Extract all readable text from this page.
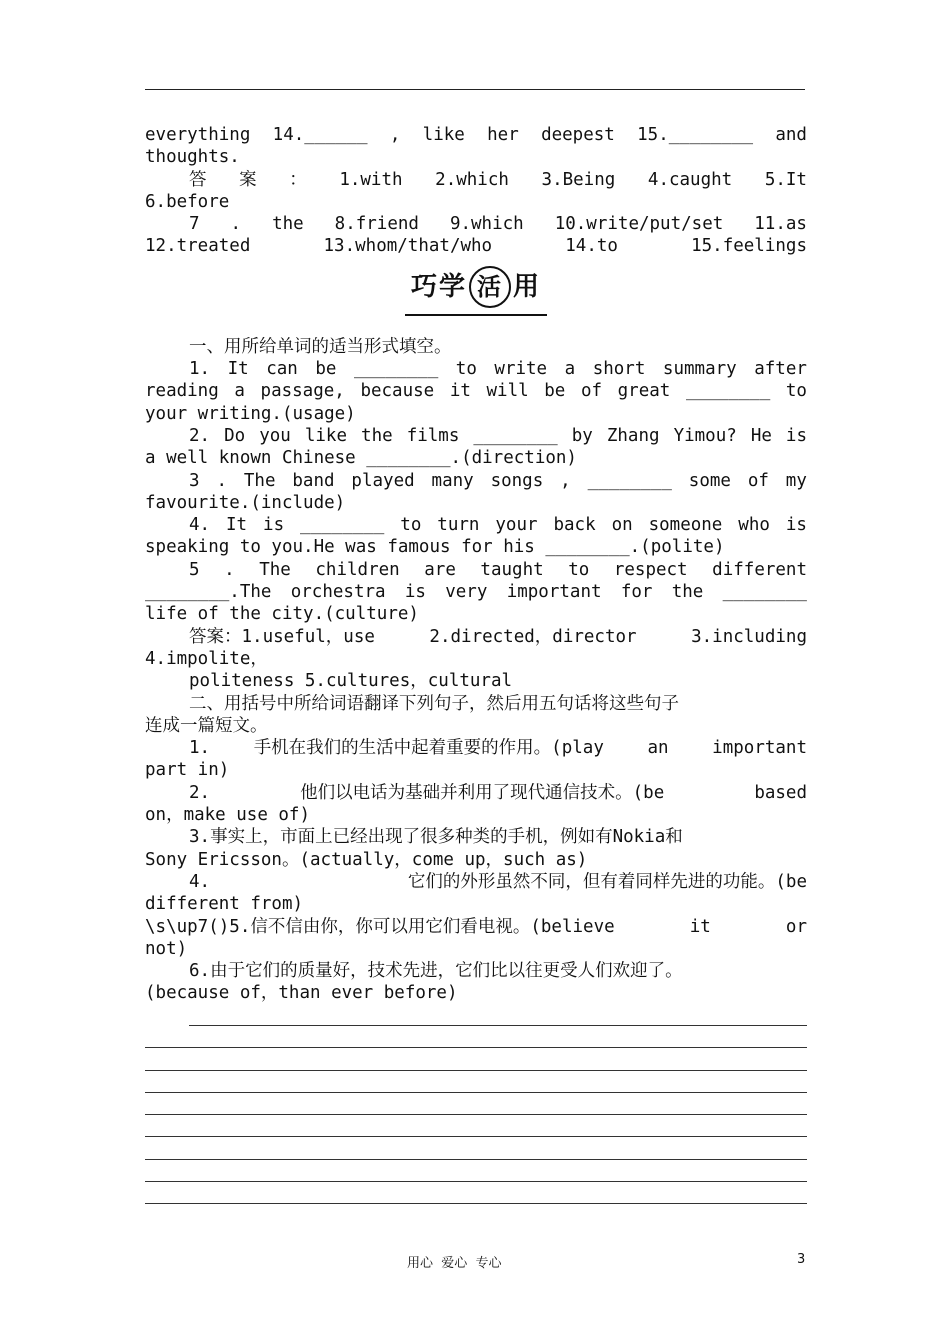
everything 14.______ , like her deepest 15.________ and
thoughts.
答 案 ： 1.with 2.which 3.Being 4.caught 5.It
6.before
7 . the 8.friend 9.which 10.write/put/set 11.as
12.treated	13.whom/that/who	14.to	15.feelings
巧学 活 用
一、用所给单词的适当形式填空。
1. It can be ________ to write a short summary after
reading a passage, because it will be of great ________ to
your writing.(usage)
2. Do you like the films ________ by Zhang Yimou? He is
a well known Chinese ________.(direction)
3 . The band played many songs , ________ some of my
favourite.(include)
4. It is ________ to turn your back on someone who is
speaking to you.He was famous for his ________.(polite)
5 . The children are taught to respect different
________.The orchestra is very important for the ________
life of the city.(culture)
答案：1.useful，use	2.directed，director	3.including
4.impolite，
politeness 5.cultures，cultural
二、用括号中所给词语翻译下列句子，然后用五句话将这些句子
连成一篇短文。
1. 手机在我们的生活中起着重要的作用。(play an important
part in)
2.	他们以电话为基础并利用了现代通信技术。(be	based
on，make use of)
3.事实上，市面上已经出现了很多种类的手机，例如有Nokia和
Sony Ericsson。(actually，come up，such as)
4.	它们的外形虽然不同，但有着同样先进的功能。(be
different from)
\s\up7()5.信不信由你，你可以用它们看电视。(believe	it	or
not)
6.由于它们的质量好，技术先进，它们比以往更受人们欢迎了。
(because of，than ever before)
用心  爱心  专心	3
